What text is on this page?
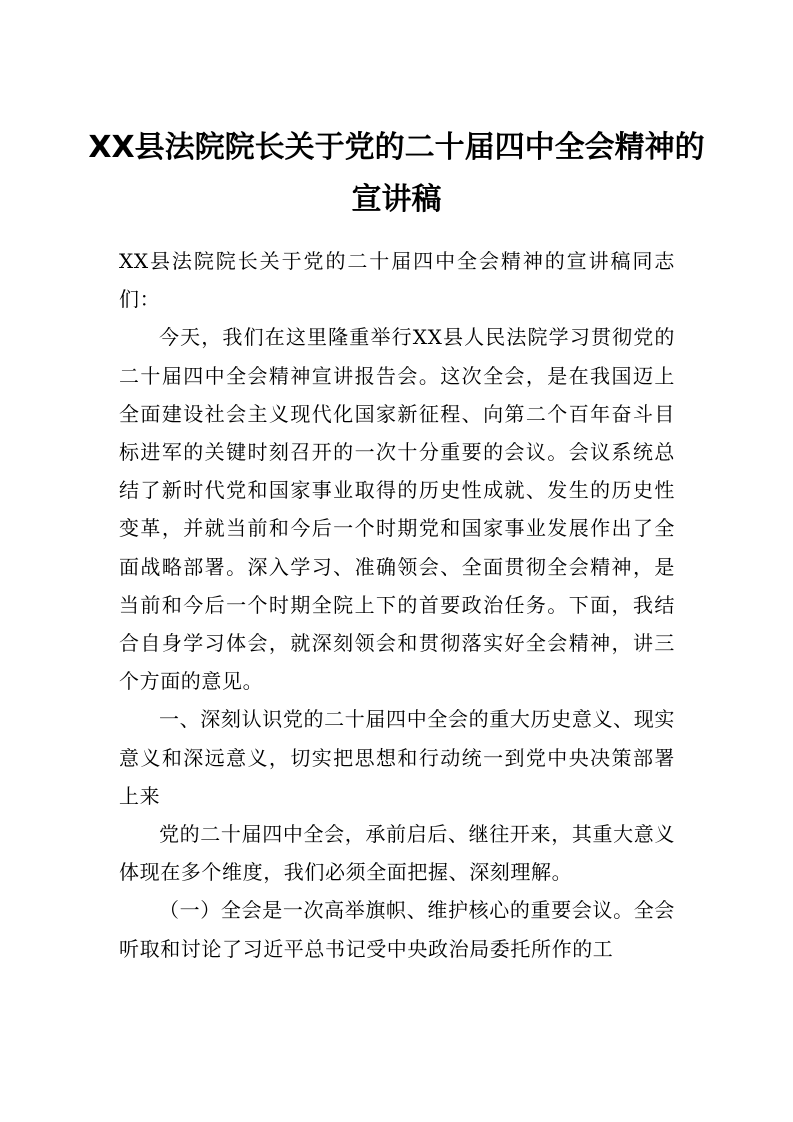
XX县法院院长关于党的二十届四中全会精神的宣讲稿

XX县法院院长关于党的二十届四中全会精神的宣讲稿同志们：

今天，我们在这里隆重举行XX县人民法院学习贯彻党的二十届四中全会精神宣讲报告会。这次全会，是在我国迈上全面建设社会主义现代化国家新征程、向第二个百年奋斗目标进军的关键时刻召开的一次十分重要的会议。会议系统总结了新时代党和国家事业取得的历史性成就、发生的历史性变革，并就当前和今后一个时期党和国家事业发展作出了全面战略部署。深入学习、准确领会、全面贯彻全会精神，是当前和今后一个时期全院上下的首要政治任务。下面，我结合自身学习体会，就深刻领会和贯彻落实好全会精神，讲三个方面的意见。

一、深刻认识党的二十届四中全会的重大历史意义、现实意义和深远意义，切实把思想和行动统一到党中央决策部署上来

党的二十届四中全会，承前启后、继往开来，其重大意义体现在多个维度，我们必须全面把握、深刻理解。

（一）全会是一次高举旗帜、维护核心的重要会议。全会听取和讨论了习近平总书记受中央政治局委托所作的工
